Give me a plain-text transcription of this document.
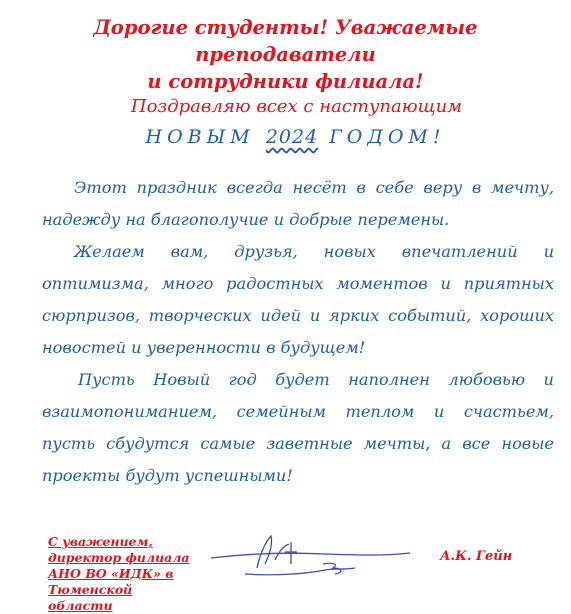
Дорогие студенты! Уважаемые преподаватели
и сотрудники филиала!
Поздравляю всех с наступающим
НОВЫМ 2024 ГОДОМ!

Этот праздник всегда несёт в себе веру в мечту, надежду на благополучие и добрые перемены.

Желаем вам, друзья, новых впечатлений и оптимизма, много радостных моментов и приятных сюрпризов, творческих идей и ярких событий, хороших новостей и уверенности в будущем!

Пусть Новый год будет наполнен любовью и взаимопониманием, семейным теплом и счастьем, пусть сбудутся самые заветные мечты, а все новые проекты будут успешными!

С уважением,
директор филиала
АНО ВО «ИДК» в
Тюменской области
А.К. Гейн
